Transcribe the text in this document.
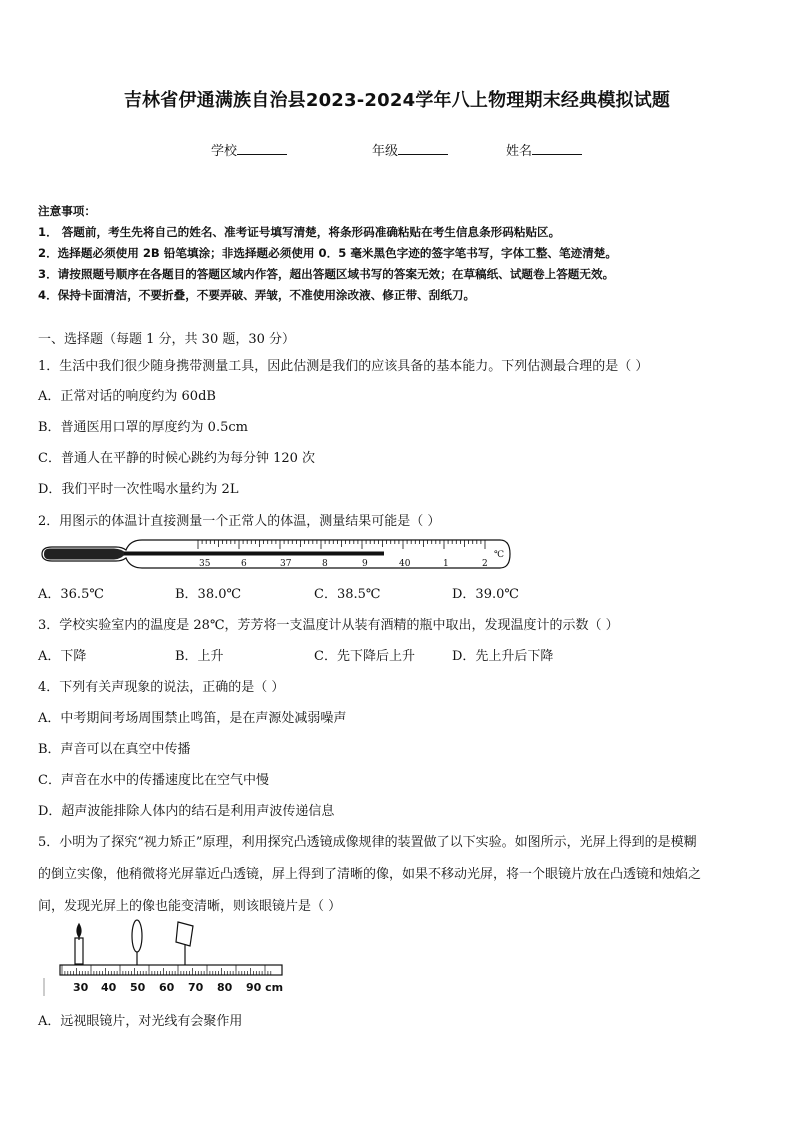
吉林省伊通满族自治县2023-2024学年八上物理期末经典模拟试题
学校	年级	姓名
注意事项：
1． 答题前，考生先将自己的姓名、准考证号填写清楚，将条形码准确粘贴在考生信息条形码粘贴区。
2．选择题必须使用 2B 铅笔填涂；非选择题必须使用 0．5 毫米黑色字迹的签字笔书写，字体工整、笔迹清楚。
3．请按照题号顺序在各题目的答题区域内作答，超出答题区域书写的答案无效；在草稿纸、试题卷上答题无效。
4．保持卡面清洁，不要折叠，不要弄破、弄皱，不准使用涂改液、修正带、刮纸刀。
一、选择题（每题 1 分，共 30 题，30 分）
1．生活中我们很少随身携带测量工具，因此估测是我们的应该具备的基本能力。下列估测最合理的是（ ）
A．正常对话的响度约为 60dB
B．普通医用口罩的厚度约为 0.5cm
C．普通人在平静的时候心跳约为每分钟 120 次
D．我们平时一次性喝水量约为 2L
2．用图示的体温计直接测量一个正常人的体温，测量结果可能是（ ）
35	6	37	8	9	40	1	2
℃
A．36.5℃	B．38.0℃	C．38.5℃	D．39.0℃
3．学校实验室内的温度是 28℃，芳芳将一支温度计从装有酒精的瓶中取出，发现温度计的示数（ ）
A．下降	B．上升	C．先下降后上升	D．先上升后下降
4．下列有关声现象的说法，正确的是（ ）
A．中考期间考场周围禁止鸣笛，是在声源处减弱噪声
B．声音可以在真空中传播
C．声音在水中的传播速度比在空气中慢
D．超声波能排除人体内的结石是利用声波传递信息
5．小明为了探究“视力矫正”原理，利用探究凸透镜成像规律的装置做了以下实验。如图所示，光屏上得到的是模糊
的倒立实像，他稍微将光屏靠近凸透镜，屏上得到了清晰的像，如果不移动光屏，将一个眼镜片放在凸透镜和烛焰之
间，发现光屏上的像也能变清晰，则该眼镜片是（ ）
30 40 50 60 70 80 90 cm
A．远视眼镜片，对光线有会聚作用
